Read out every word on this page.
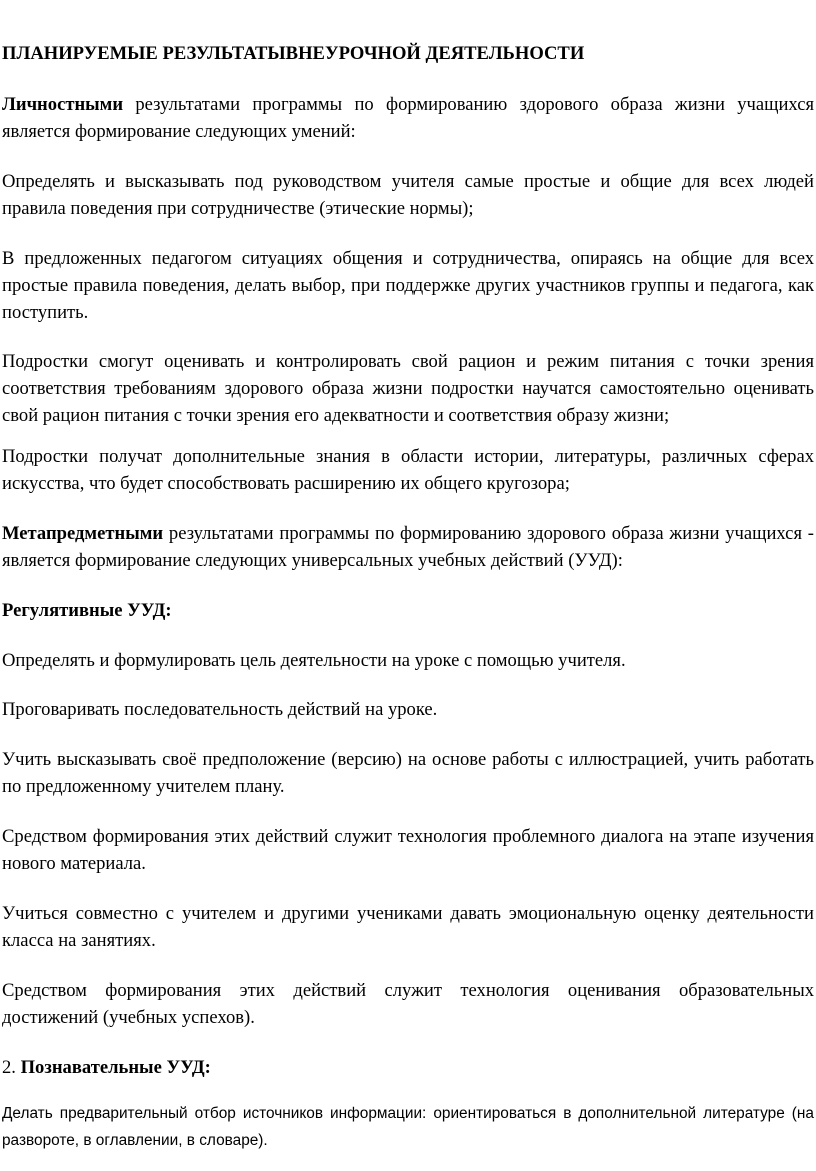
ПЛАНИРУЕМЫЕ РЕЗУЛЬТАТЫВНЕУРОЧНОЙ ДЕЯТЕЛЬНОСТИ

Личностными результатами программы по формированию здорового образа жизни учащихся является формирование следующих умений:

Определять и высказывать под руководством учителя самые простые и общие для всех людей правила поведения при сотрудничестве (этические нормы);

В предложенных педагогом ситуациях общения и сотрудничества, опираясь на общие для всех простые правила поведения, делать выбор, при поддержке других участников группы и педагога, как поступить.

Подростки смогут оценивать и контролировать свой рацион и режим питания с точки зрения соответствия требованиям здорового образа жизни подростки научатся самостоятельно оценивать свой рацион питания с точки зрения его адекватности и соответствия образу жизни;

Подростки получат дополнительные знания в области истории, литературы, различных сферах искусства, что будет способствовать расширению их общего кругозора;

Метапредметными результатами программы по формированию здорового образа жизни учащихся - является формирование следующих универсальных учебных действий (УУД):

Регулятивные УУД:

Определять и формулировать цель деятельности на уроке с помощью учителя.

Проговаривать последовательность действий на уроке.

Учить высказывать своё предположение (версию) на основе работы с иллюстрацией, учить работать по предложенному учителем плану.

Средством формирования этих действий служит технология проблемного диалога на этапе изучения нового материала.

Учиться совместно с учителем и другими учениками давать эмоциональную оценку деятельности класса на занятиях.

Средством формирования этих действий служит технология оценивания образовательных достижений (учебных успехов).

2. Познавательные УУД:

Делать предварительный отбор источников информации: ориентироваться в дополнительной литературе (на развороте, в оглавлении, в словаре).
